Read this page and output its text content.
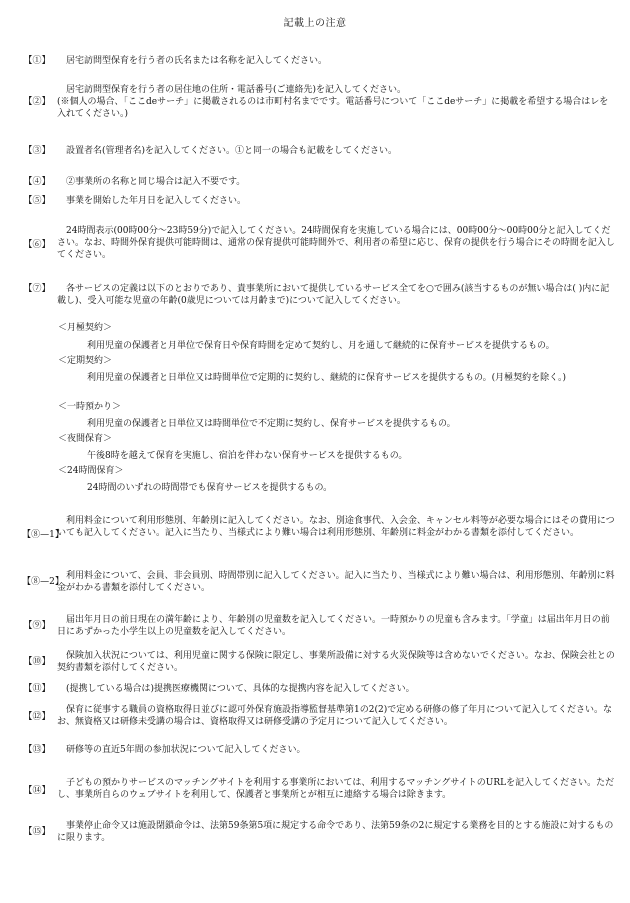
記載上の注意
【①】	居宅訪問型保育を行う者の氏名または名称を記入してください。

【②】

居宅訪問型保育を行う者の居住地の住所・電話番号(ご連絡先)を記入してください。

(※個人の場合、「ここdeサーチ」に掲載されるのは市町村名までです。電話番号について「ここdeサーチ」に掲載を希望する場合はレを入れてください。)

【③】	設置者名(管理者名)を記入してください。①と同一の場合も記載をしてください。

【④】	②事業所の名称と同じ場合は記入不要です。

【⑤】	事業を開始した年月日を記入してください。

【⑥】

24時間表示(00時00分～23時59分)で記入してください。24時間保育を実施している場合には、00時00分～00時00分と記入してください。なお、時間外保育提供可能時間は、通常の保育提供可能時間外で、利用者の希望に応じ、保育の提供を行う場合にその時間を記入してください。

【⑦】	各サービスの定義は以下のとおりであり、貴事業所において提供しているサービス全てを○で囲み(該当するものが無い場合は( )内に記載し)、受入可能な児童の年齢(0歳児については月齢まで)について記入してください。

＜月極契約＞
利用児童の保護者と月単位で保育日や保育時間を定めて契約し、月を通して継続的に保育サービスを提供するもの。
＜定期契約＞
利用児童の保護者と日単位又は時間単位で定期的に契約し、継続的に保育サービスを提供するもの。(月極契約を除く。)
＜一時預かり＞
利用児童の保護者と日単位又は時間単位で不定期に契約し、保育サービスを提供するもの。
＜夜間保育＞
午後8時を越えて保育を実施し、宿泊を伴わない保育サービスを提供するもの。
＜24時間保育＞
24時間のいずれの時間帯でも保育サービスを提供するもの。
【⑧—1】

利用料金について利用形態別、年齢別に記入してください。なお、別途食事代、入会金、キャンセル料等が必要な場合にはその費用についても記入してください。記入に当たり、当様式により難い場合は利用形態別、年齢別に料金がわかる書類を添付してください。

【⑧—2】

利用料金について、会員、非会員別、時間帯別に記入してください。記入に当たり、当様式により難い場合は、利用形態別、年齢別に料金がわかる書類を添付してください。

【⑨】

届出年月日の前日現在の満年齢により、年齢別の児童数を記入してください。一時預かりの児童も含みます。「学童」は届出年月日の前日にあずかった小学生以上の児童数を記入してください。

【⑩】

保険加入状況については、利用児童に関する保険に限定し、事業所設備に対する火災保険等は含めないでください。なお、保険会社との契約書類を添付してください。

【⑪】	(提携している場合は)提携医療機関について、具体的な提携内容を記入してください。

【⑫】

保育に従事する職員の資格取得日並びに認可外保育施設指導監督基準第1の2(2)で定める研修の修了年月について記入してください。なお、無資格又は研修未受講の場合は、資格取得又は研修受講の予定月について記入してください。

【⑬】	研修等の直近5年間の参加状況について記入してください。

【⑭】

子どもの預かりサービスのマッチングサイトを利用する事業所においては、利用するマッチングサイトのURLを記入してください。ただし、事業所自らのウェブサイトを利用して、保護者と事業所とが相互に連絡する場合は除きます。

【⑮】

事業停止命令又は施設閉鎖命令は、法第59条第5項に規定する命令であり、法第59条の2に規定する業務を目的とする施設に対するものに限ります。
